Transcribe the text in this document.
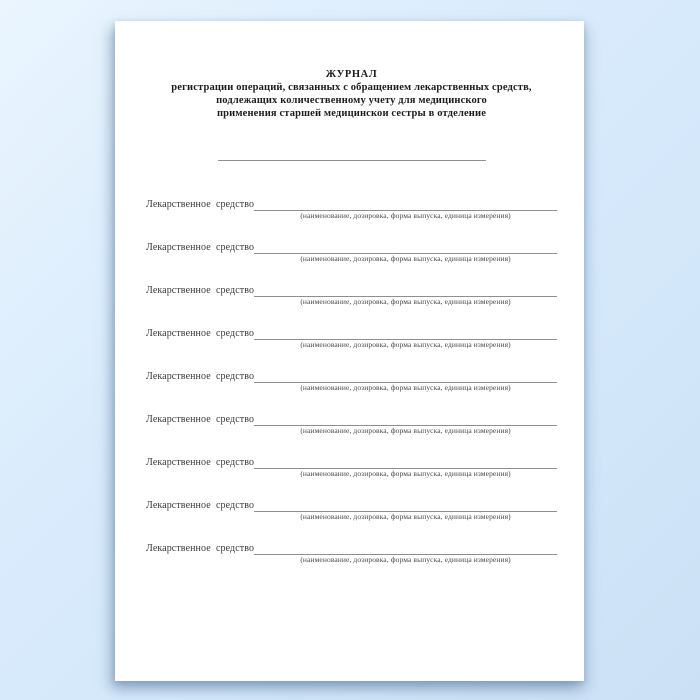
ЖУРНАЛ
регистрации операций, связанных с обращением лекарственных средств,
подлежащих количественному учету для медицинского
применения старшей медицинскои сестры в отделение
Лекарственное  средство
(наименование, дозировка, форма выпуска, единица измерения)
Лекарственное  средство
(наименование, дозировка, форма выпуска, единица измерения)
Лекарственное  средство
(наименование, дозировка, форма выпуска, единица измерения)
Лекарственное  средство
(наименование, дозировка, форма выпуска, единица измерения)
Лекарственное  средство
(наименование, дозировка, форма выпуска, единица измерения)
Лекарственное  средство
(наименование, дозировка, форма выпуска, единица измерения)
Лекарственное  средство
(наименование, дозировка, форма выпуска, единица измерения)
Лекарственное  средство
(наименование, дозировка, форма выпуска, единица измерения)
Лекарственное  средство
(наименование, дозировка, форма выпуска, единица измерения)
